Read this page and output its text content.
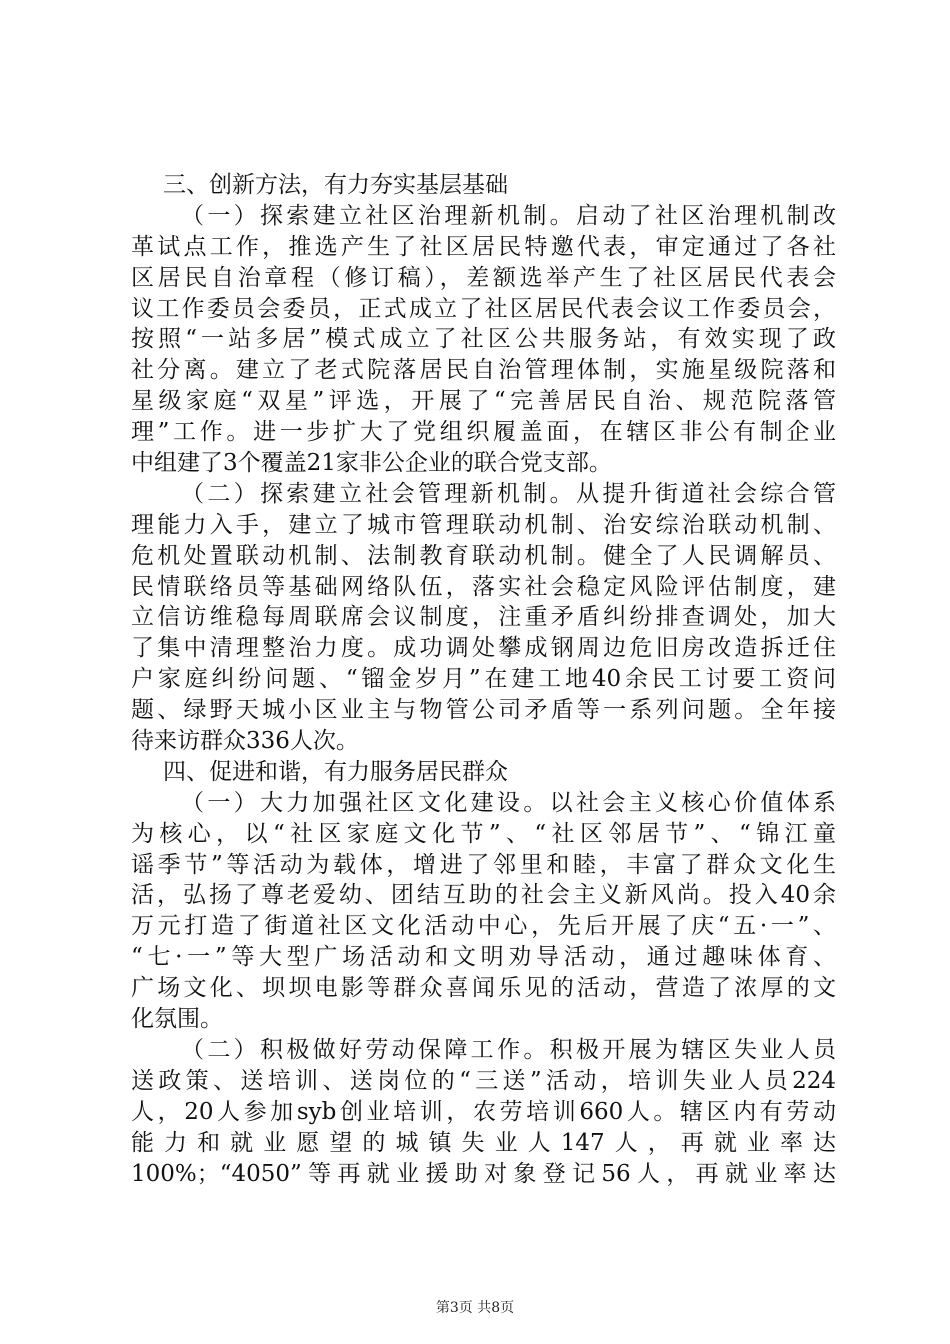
三、创新方法，有力夯实基层基础
（一）探索建立社区治理新机制。启动了社区治理机制改
革试点工作，推选产生了社区居民特邀代表，审定通过了各社
区居民自治章程（修订稿），差额选举产生了社区居民代表会
议工作委员会委员，正式成立了社区居民代表会议工作委员会，
按照“一站多居”模式成立了社区公共服务站，有效实现了政
社分离。建立了老式院落居民自治管理体制，实施星级院落和
星级家庭“双星”评选，开展了“完善居民自治、规范院落管
理”工作。进一步扩大了党组织履盖面，在辖区非公有制企业
中组建了3个覆盖21家非公企业的联合党支部。
（二）探索建立社会管理新机制。从提升街道社会综合管
理能力入手，建立了城市管理联动机制、治安综治联动机制、
危机处置联动机制、法制教育联动机制。健全了人民调解员、
民情联络员等基础网络队伍，落实社会稳定风险评估制度，建
立信访维稳每周联席会议制度，注重矛盾纠纷排查调处，加大
了集中清理整治力度。成功调处攀成钢周边危旧房改造拆迁住
户家庭纠纷问题、“镏金岁月”在建工地40余民工讨要工资问
题、绿野天城小区业主与物管公司矛盾等一系列问题。全年接
待来访群众336人次。
四、促进和谐，有力服务居民群众
（一）大力加强社区文化建设。以社会主义核心价值体系
为核心，以“社区家庭文化节”、“社区邻居节”、“锦江童
谣季节”等活动为载体，增进了邻里和睦，丰富了群众文化生
活，弘扬了尊老爱幼、团结互助的社会主义新风尚。投入40余
万元打造了街道社区文化活动中心，先后开展了庆“五·一”、
“七·一”等大型广场活动和文明劝导活动，通过趣味体育、
广场文化、坝坝电影等群众喜闻乐见的活动，营造了浓厚的文
化氛围。
（二）积极做好劳动保障工作。积极开展为辖区失业人员
送政策、送培训、送岗位的“三送”活动，培训失业人员224
人，20人参加syb创业培训，农劳培训660人。辖区内有劳动
能力和就业愿望的城镇失业人147人，再就业率达
100%；“4050”等再就业援助对象登记56人，再就业率达
第3页 共8页
